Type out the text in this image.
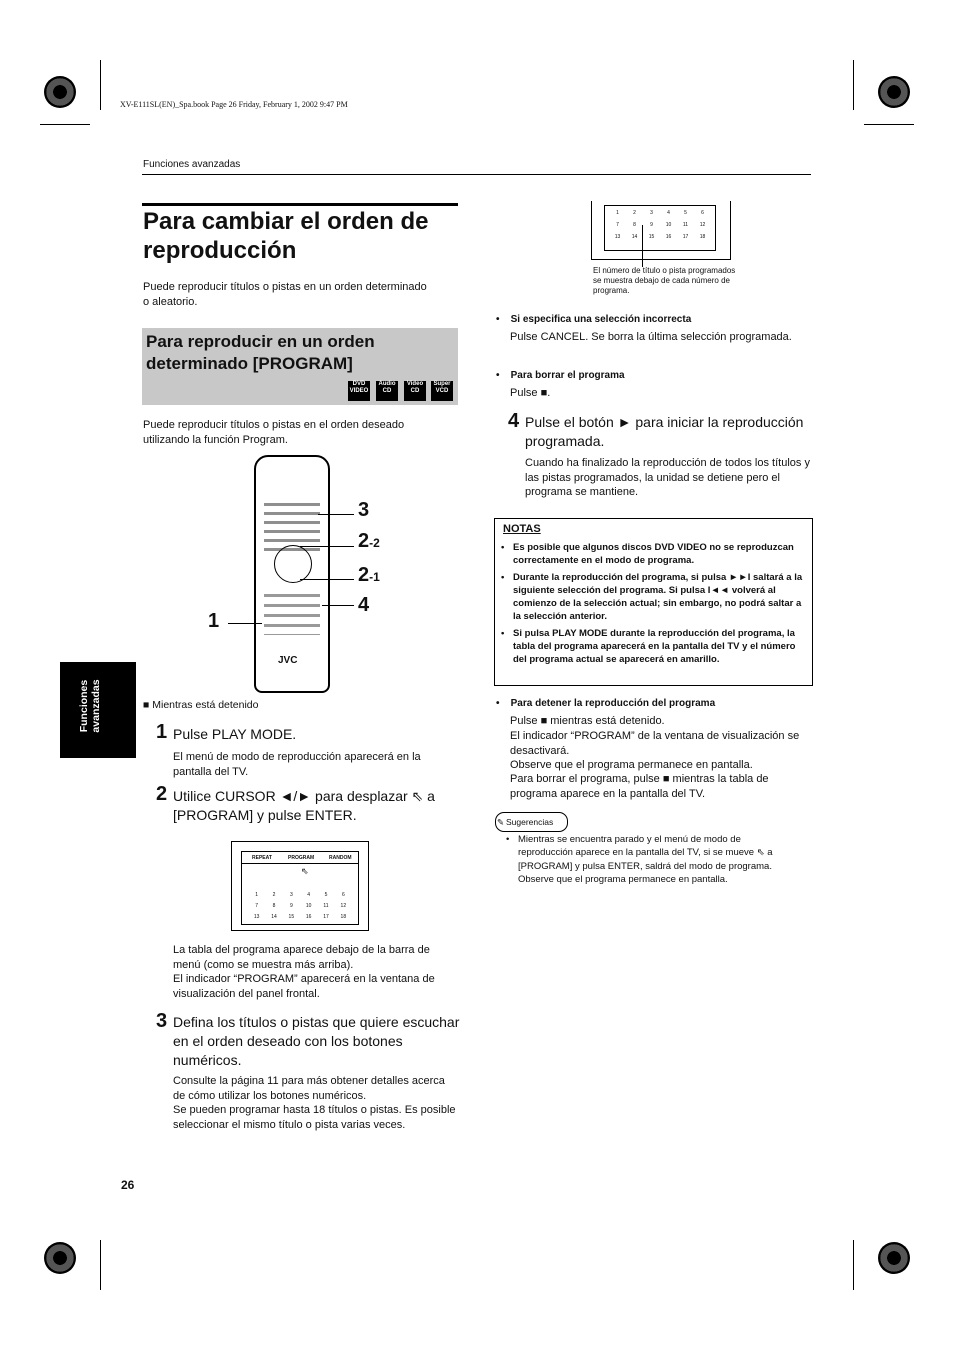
XV-E111SL(EN)_Spa.book Page 26 Friday, February 1, 2002 9:47 PM
Funciones avanzadas
Funciones avanzadas
Para cambiar el orden de reproducción
Puede reproducir títulos o pistas en un orden determinado o aleatorio.
Para reproducir en un orden determinado [PROGRAM]
DVD
VIDEO
Audio
CD
Video
CD
Super
VCD
Puede reproducir títulos o pistas en el orden deseado utilizando la función Program.
JVC
3
2-2
2-1
4
1
■ Mientras está detenido
1 Pulse PLAY MODE.
El menú de modo de reproducción aparecerá en la pantalla del TV.
2 Utilice CURSOR ◄/► para desplazar ⇖ a [PROGRAM] y pulse ENTER.
REPEAT	PROGRAM	RANDOM
⇖
1	2	3	4	5	6
7	8	9	10	11	12
13	14	15	16	17	18
La tabla del programa aparece debajo de la barra de menú (como se muestra más arriba).
El indicador “PROGRAM” aparecerá en la ventana de visualización del panel frontal.
3 Defina los títulos o pistas que quiere escuchar en el orden deseado con los botones numéricos.
Consulte la página 11 para más obtener detalles acerca de cómo utilizar los botones numéricos.
Se pueden programar hasta 18 títulos o pistas. Es posible seleccionar el mismo título o pista varias veces.
26
1	2	3	4	5	6
7	8	9	10	11	12
13	14	15	16	17	18
El número de título o pista programados se muestra debajo de cada número de programa.
•    Si especifica una selección incorrecta
Pulse CANCEL. Se borra la última selección programada.
•    Para borrar el programa
Pulse ■.
4 Pulse el botón ► para iniciar la reproducción programada.
Cuando ha finalizado la reproducción de todos los títulos y las pistas programados, la unidad se detiene pero el programa se mantiene.
NOTAS
• Es posible que algunos discos DVD VIDEO no se reproduzcan correctamente en el modo de programa.
• Durante la reproducción del programa, si pulsa ►►I saltará a la siguiente selección del programa. Si pulsa I◄◄ volverá al comienzo de la selección actual; sin embargo, no podrá saltar a la selección anterior.
• Si pulsa PLAY MODE durante la reproducción del programa, la tabla del programa aparecerá en la pantalla del TV y el número del programa actual se aparecerá en amarillo.
•    Para detener la reproducción del programa
Pulse ■ mientras está detenido.
El indicador “PROGRAM” de la ventana de visualización se desactivará.
Observe que el programa permanece en pantalla.
Para borrar el programa, pulse ■ mientras la tabla de programa aparece en la pantalla del TV.
✎ Sugerencias
• Mientras se encuentra parado y el menú de modo de reproducción aparece en la pantalla del TV, si se mueve ⇖ a [PROGRAM] y pulsa ENTER, saldrá del modo de programa. Observe que el programa permanece en pantalla.
